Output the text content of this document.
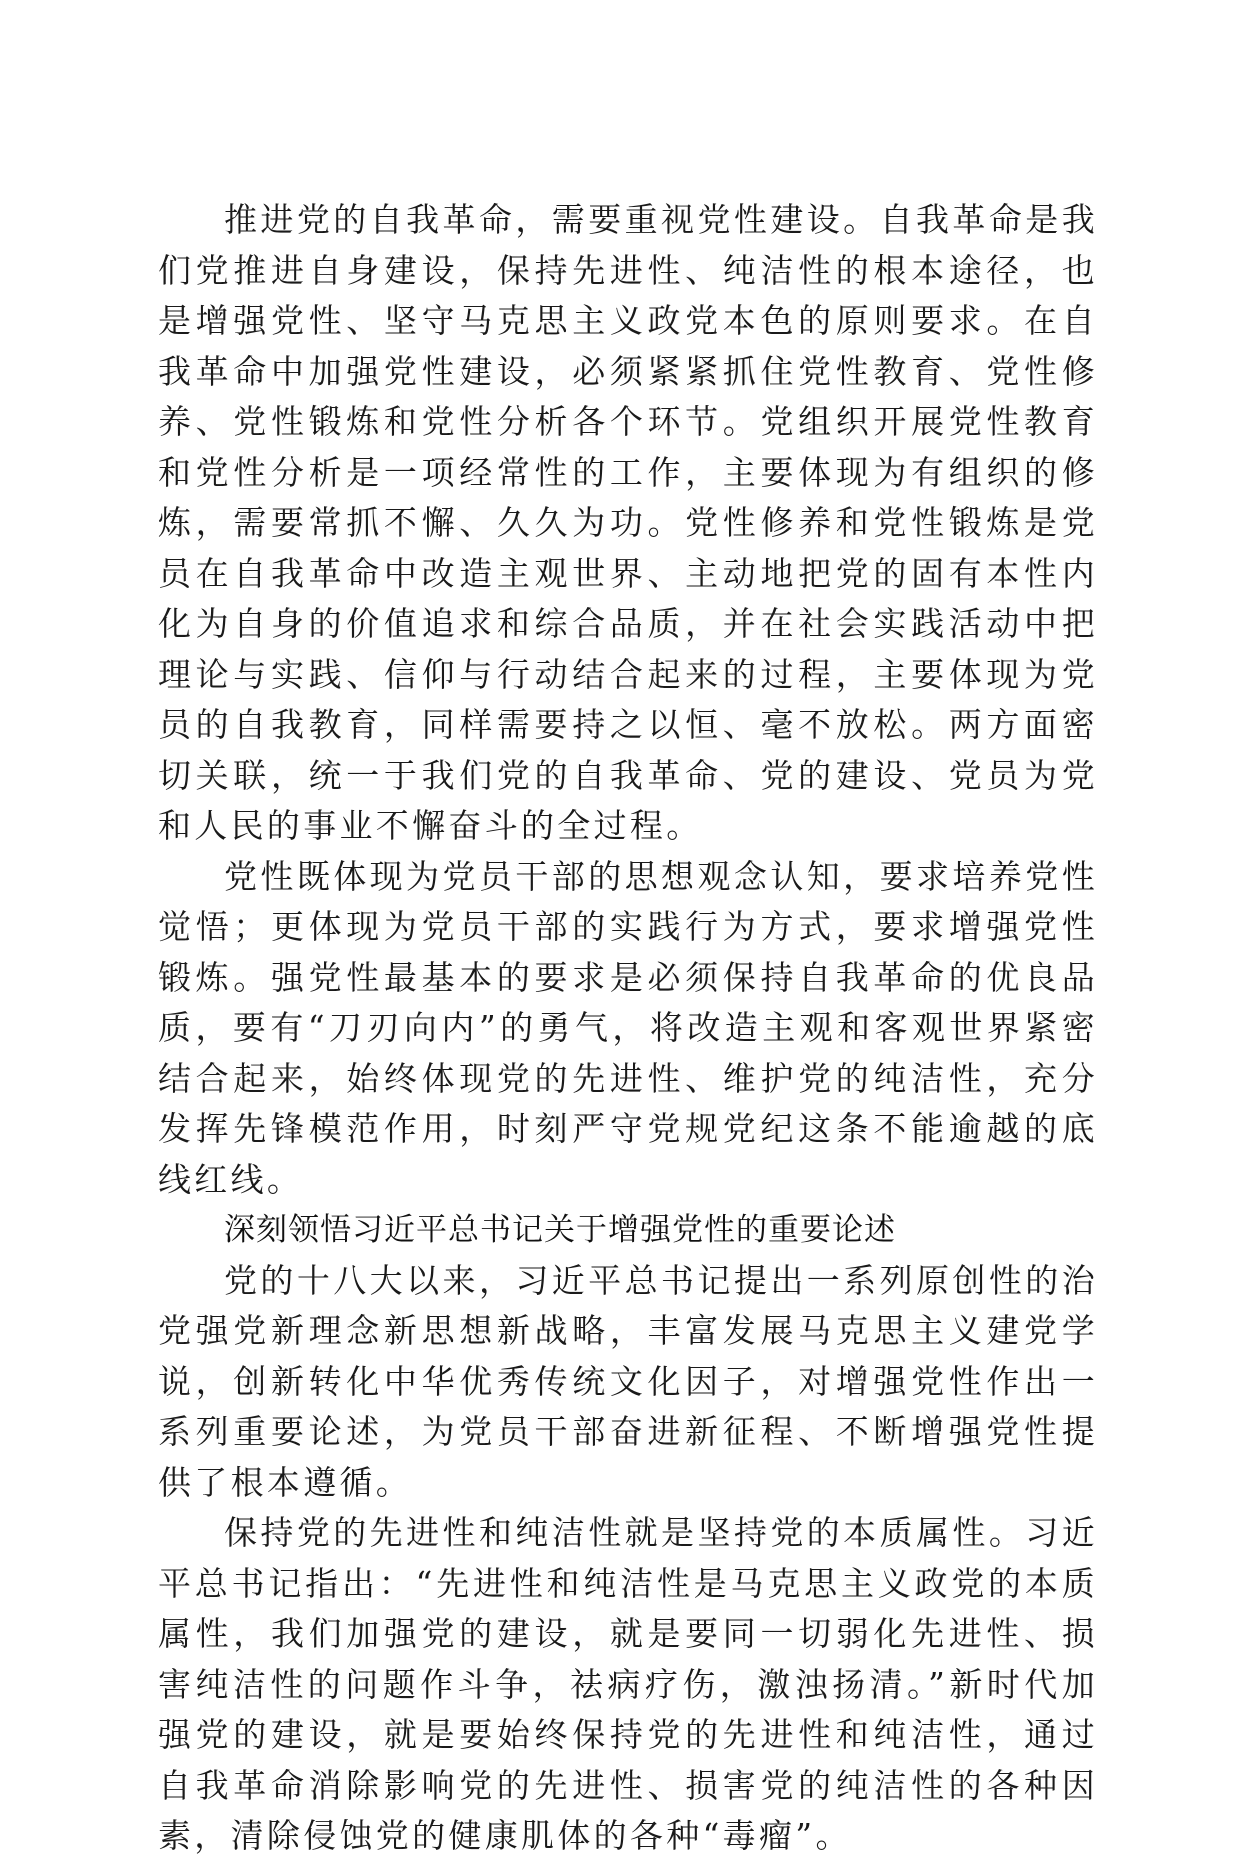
推进党的自我革命，需要重视党性建设。自我革命是我们党推进自身建设，保持先进性、纯洁性的根本途径，也是增强党性、坚守马克思主义政党本色的原则要求。在自我革命中加强党性建设，必须紧紧抓住党性教育、党性修养、党性锻炼和党性分析各个环节。党组织开展党性教育和党性分析是一项经常性的工作，主要体现为有组织的修炼，需要常抓不懈、久久为功。党性修养和党性锻炼是党员在自我革命中改造主观世界、主动地把党的固有本性内化为自身的价值追求和综合品质，并在社会实践活动中把理论与实践、信仰与行动结合起来的过程，主要体现为党员的自我教育，同样需要持之以恒、毫不放松。两方面密切关联，统一于我们党的自我革命、党的建设、党员为党和人民的事业不懈奋斗的全过程。

党性既体现为党员干部的思想观念认知，要求培养党性觉悟；更体现为党员干部的实践行为方式，要求增强党性锻炼。强党性最基本的要求是必须保持自我革命的优良品质，要有“刀刃向内”的勇气，将改造主观和客观世界紧密结合起来，始终体现党的先进性、维护党的纯洁性，充分发挥先锋模范作用，时刻严守党规党纪这条不能逾越的底线红线。

深刻领悟习近平总书记关于增强党性的重要论述

党的十八大以来，习近平总书记提出一系列原创性的治党强党新理念新思想新战略，丰富发展马克思主义建党学说，创新转化中华优秀传统文化因子，对增强党性作出一系列重要论述，为党员干部奋进新征程、不断增强党性提供了根本遵循。

保持党的先进性和纯洁性就是坚持党的本质属性。习近平总书记指出：“先进性和纯洁性是马克思主义政党的本质属性，我们加强党的建设，就是要同一切弱化先进性、损害纯洁性的问题作斗争，祛病疗伤，激浊扬清。”新时代加强党的建设，就是要始终保持党的先进性和纯洁性，通过自我革命消除影响党的先进性、损害党的纯洁性的各种因素，清除侵蚀党的健康肌体的各种“毒瘤”。
